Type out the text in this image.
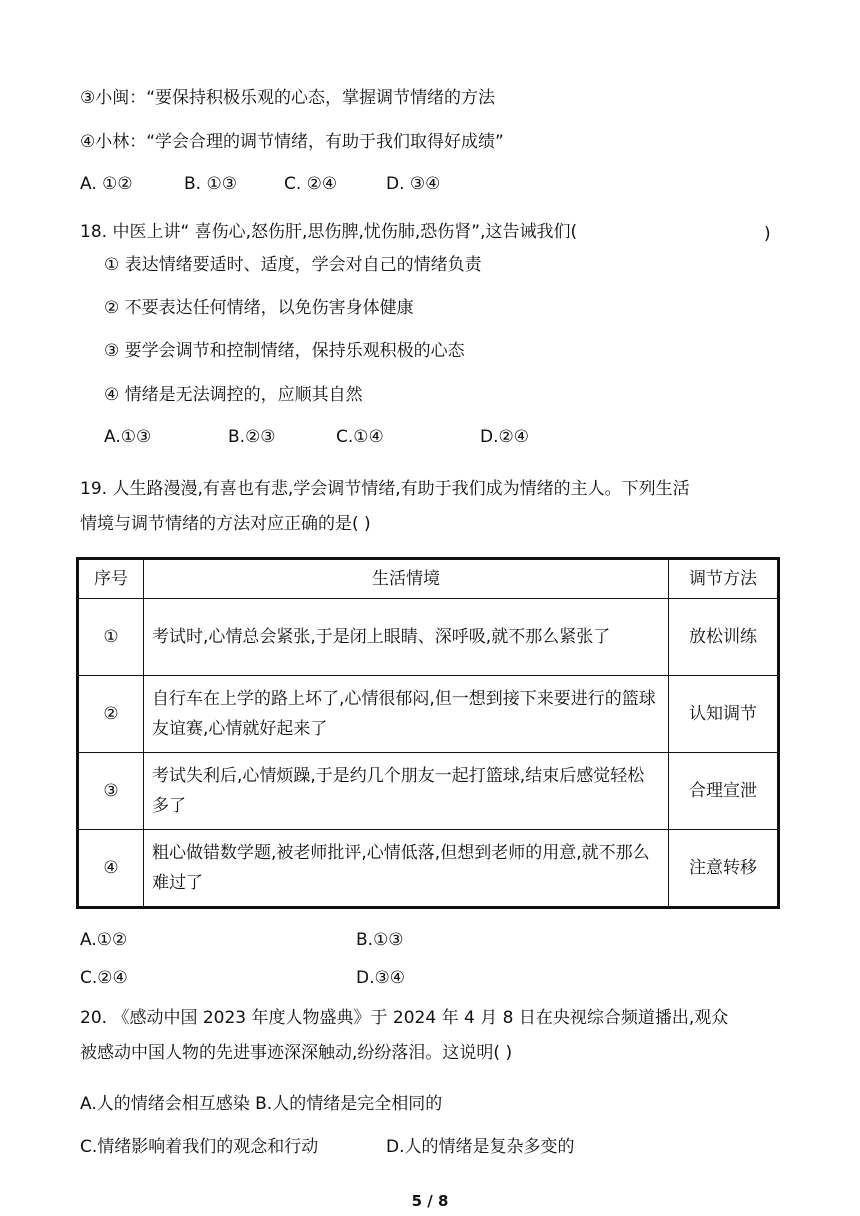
③小闽：“要保持积极乐观的心态，掌握调节情绪的方法
④小林：“学会合理的调节情绪，有助于我们取得好成绩”
A. ①②	B. ①③	C. ②④	D. ③④
18. 中医上讲“ 喜伤心,怒伤肝,思伤脾,忧伤肺,恐伤肾”,这告诫我们(	)
① 表达情绪要适时、适度，学会对自己的情绪负责
② 不要表达任何情绪，以免伤害身体健康
③ 要学会调节和控制情绪，保持乐观积极的心态
④ 情绪是无法调控的，应顺其自然
A.①③	B.②③	C.①④	D.②④
19. 人生路漫漫,有喜也有悲,学会调节情绪,有助于我们成为情绪的主人。下列生活
情境与调节情绪的方法对应正确的是( )
序号	生活情境	调节方法
①	考试时,心情总会紧张,于是闭上眼睛、深呼吸,就不那么紧张了	放松训练
②	自行车在上学的路上坏了,心情很郁闷,但一想到接下来要进行的篮球友谊赛,心情就好起来了	认知调节
③	考试失利后,心情烦躁,于是约几个朋友一起打篮球,结束后感觉轻松多了	合理宣泄
④	粗心做错数学题,被老师批评,心情低落,但想到老师的用意,就不那么难过了	注意转移
A.①②	B.①③
C.②④	D.③④
20. 《感动中国 2023 年度人物盛典》于 2024 年 4 月 8 日在央视综合频道播出,观众
被感动中国人物的先进事迹深深触动,纷纷落泪。这说明( )
A.人的情绪会相互感染 B.人的情绪是完全相同的
C.情绪影响着我们的观念和行动	D.人的情绪是复杂多变的
5 / 8
